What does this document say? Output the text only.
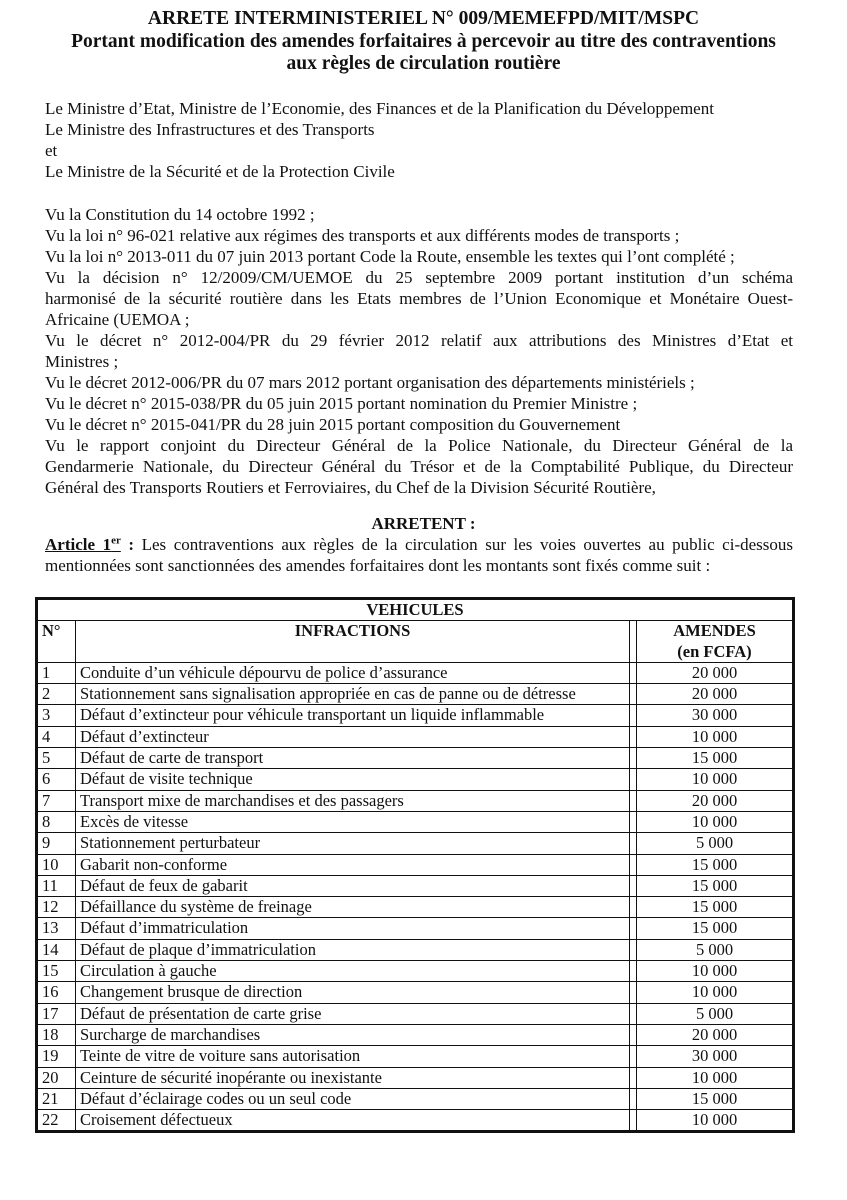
ARRETE INTERMINISTERIEL N° 009/MEMEFPD/MIT/MSPC
Portant modification des amendes forfaitaires à percevoir au titre des contraventions
aux règles de circulation routière
Le Ministre d’Etat, Ministre de l’Economie, des Finances et de la Planification du Développement
Le Ministre des Infrastructures et des Transports
et
Le Ministre de la Sécurité et de la Protection Civile
Vu la Constitution du 14 octobre 1992 ;
Vu la loi n° 96-021 relative aux régimes des transports et aux différents modes de transports ;
Vu la loi n° 2013-011 du 07 juin 2013 portant Code la Route, ensemble les textes qui l’ont complété ;
Vu la décision n° 12/2009/CM/UEMOE du 25 septembre 2009 portant institution d’un schéma
harmonisé de la sécurité routière dans les Etats membres de l’Union Economique et Monétaire Ouest-
Africaine (UEMOA ;
Vu le décret n° 2012-004/PR du 29 février 2012 relatif aux attributions des Ministres d’Etat et
Ministres ;
Vu le décret 2012-006/PR du 07 mars 2012 portant organisation des départements ministériels ;
Vu le décret n° 2015-038/PR du 05 juin 2015 portant nomination du Premier Ministre ;
Vu le décret n° 2015-041/PR du 28 juin 2015 portant composition du Gouvernement
Vu le rapport conjoint du Directeur Général de la Police Nationale, du Directeur Général de la
Gendarmerie Nationale, du Directeur Général du Trésor et de la Comptabilité Publique, du Directeur
Général des Transports Routiers et Ferroviaires, du Chef de la Division Sécurité Routière,
ARRETENT :
Article 1er : Les contraventions aux règles de la circulation sur les voies ouvertes au public ci-dessous
mentionnées sont sanctionnées des amendes forfaitaires dont les montants sont fixés comme suit :
VEHICULES			
N°	INFRACTIONS		AMENDES
(en FCFA)

1	Conduite d’un véhicule dépourvu de police d’assurance		20 000
2	Stationnement sans signalisation appropriée en cas de panne ou de détresse		20 000
3	Défaut d’extincteur pour véhicule transportant un liquide inflammable		30 000
4	Défaut d’extincteur		10 000
5	Défaut de carte de transport		15 000
6	Défaut de visite technique		10 000
7	Transport mixe de marchandises et des passagers		20 000
8	Excès de vitesse		10 000
9	Stationnement perturbateur		5 000
10	Gabarit non-conforme		15 000
11	Défaut de feux de gabarit		15 000
12	Défaillance du système de freinage		15 000
13	Défaut d’immatriculation		15 000
14	Défaut de plaque d’immatriculation		5 000
15	Circulation à gauche		10 000
16	Changement brusque de direction		10 000
17	Défaut de présentation de carte grise		5 000
18	Surcharge de marchandises		20 000
19	Teinte de vitre de voiture sans autorisation		30 000
20	Ceinture de sécurité inopérante ou inexistante		10 000
21	Défaut d’éclairage codes ou un seul code		15 000
22	Croisement défectueux		10 000
